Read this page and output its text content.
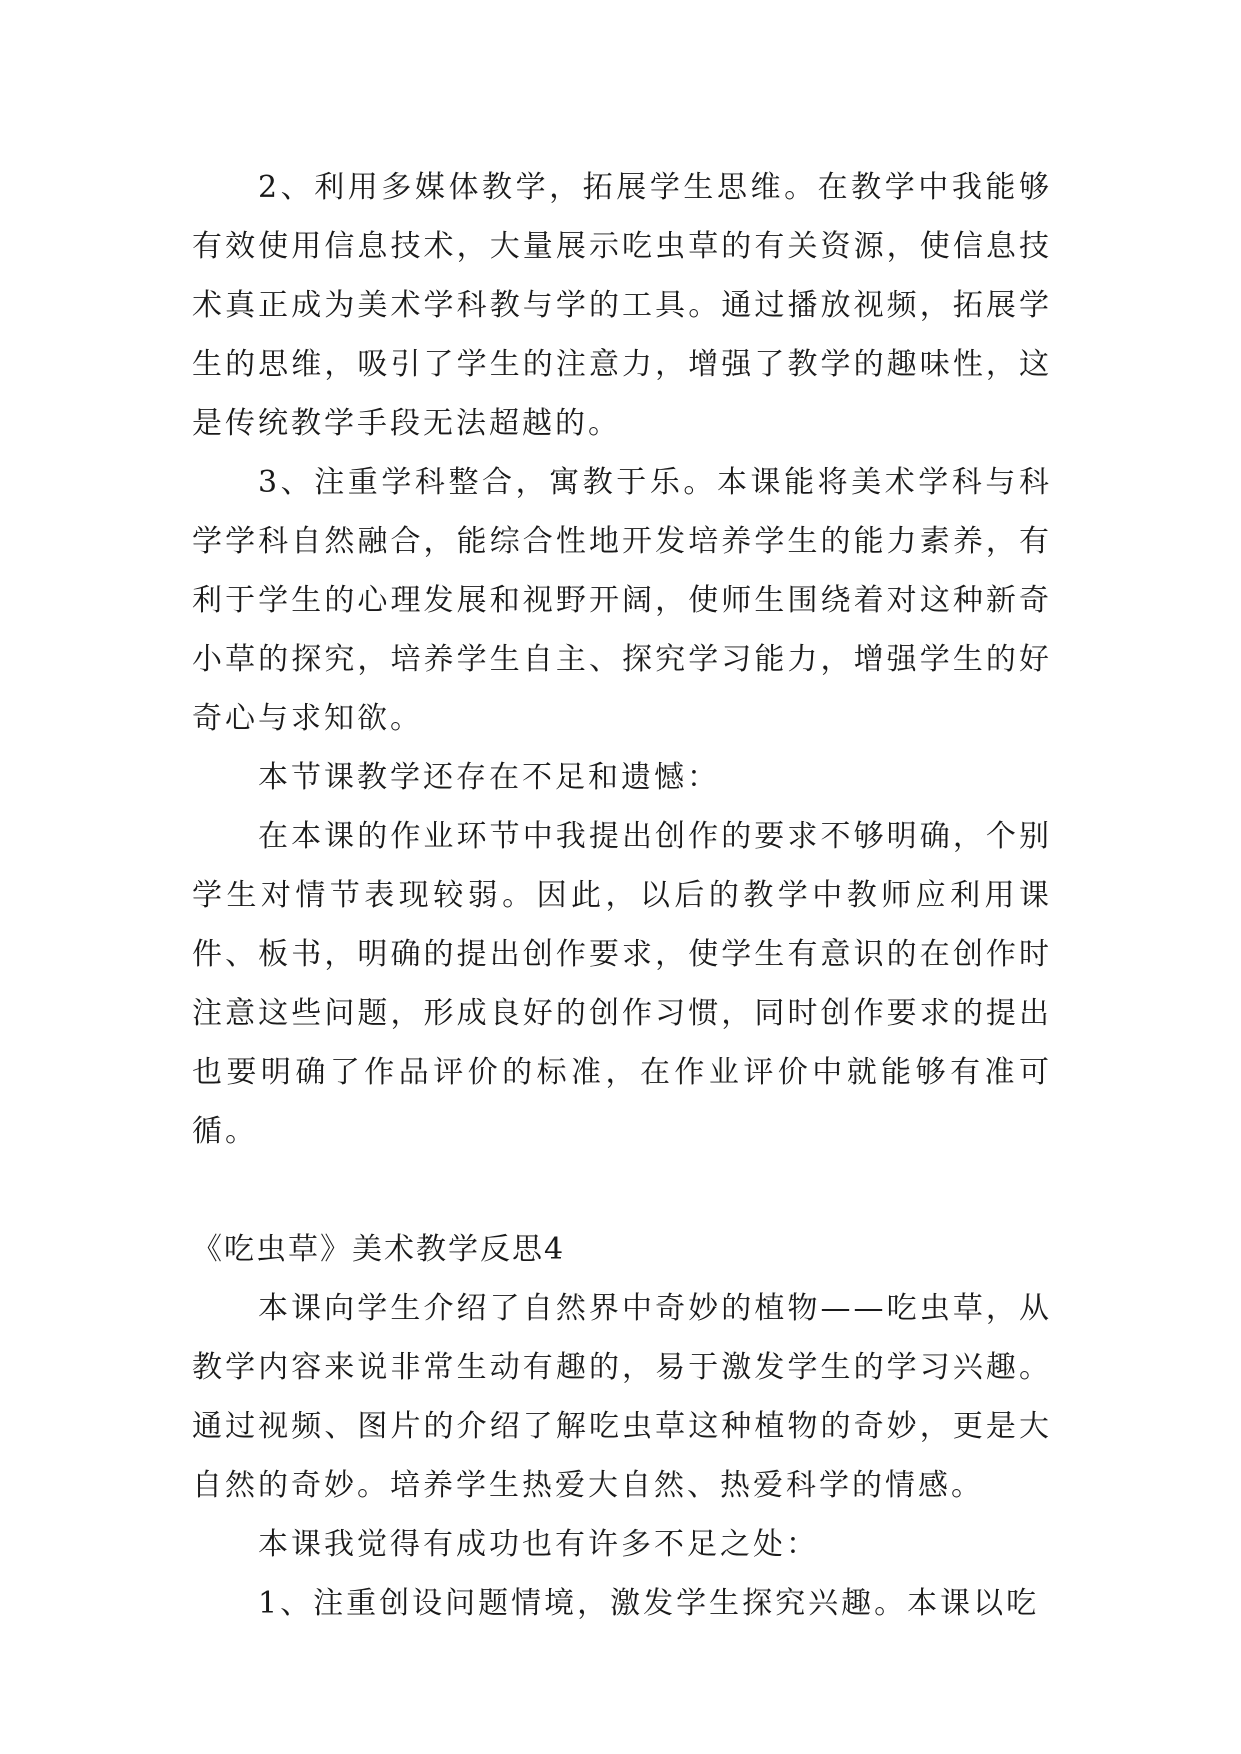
2、利用多媒体教学，拓展学生思维。在教学中我能够有效使用信息技术，大量展示吃虫草的有关资源，使信息技术真正成为美术学科教与学的工具。通过播放视频，拓展学生的思维，吸引了学生的注意力，增强了教学的趣味性，这是传统教学手段无法超越的。

3、注重学科整合，寓教于乐。本课能将美术学科与科学学科自然融合，能综合性地开发培养学生的能力素养，有利于学生的心理发展和视野开阔，使师生围绕着对这种新奇小草的探究，培养学生自主、探究学习能力，增强学生的好奇心与求知欲。

本节课教学还存在不足和遗憾：

在本课的作业环节中我提出创作的要求不够明确，个别学生对情节表现较弱。因此，以后的教学中教师应利用课件、板书，明确的提出创作要求，使学生有意识的在创作时注意这些问题，形成良好的创作习惯，同时创作要求的提出也要明确了作品评价的标准，在作业评价中就能够有准可循。

《吃虫草》美术教学反思4

本课向学生介绍了自然界中奇妙的植物——吃虫草，从教学内容来说非常生动有趣的，易于激发学生的学习兴趣。通过视频、图片的介绍了解吃虫草这种植物的奇妙，更是大自然的奇妙。培养学生热爱大自然、热爱科学的情感。

本课我觉得有成功也有许多不足之处：

1、注重创设问题情境，激发学生探究兴趣。本课以吃
